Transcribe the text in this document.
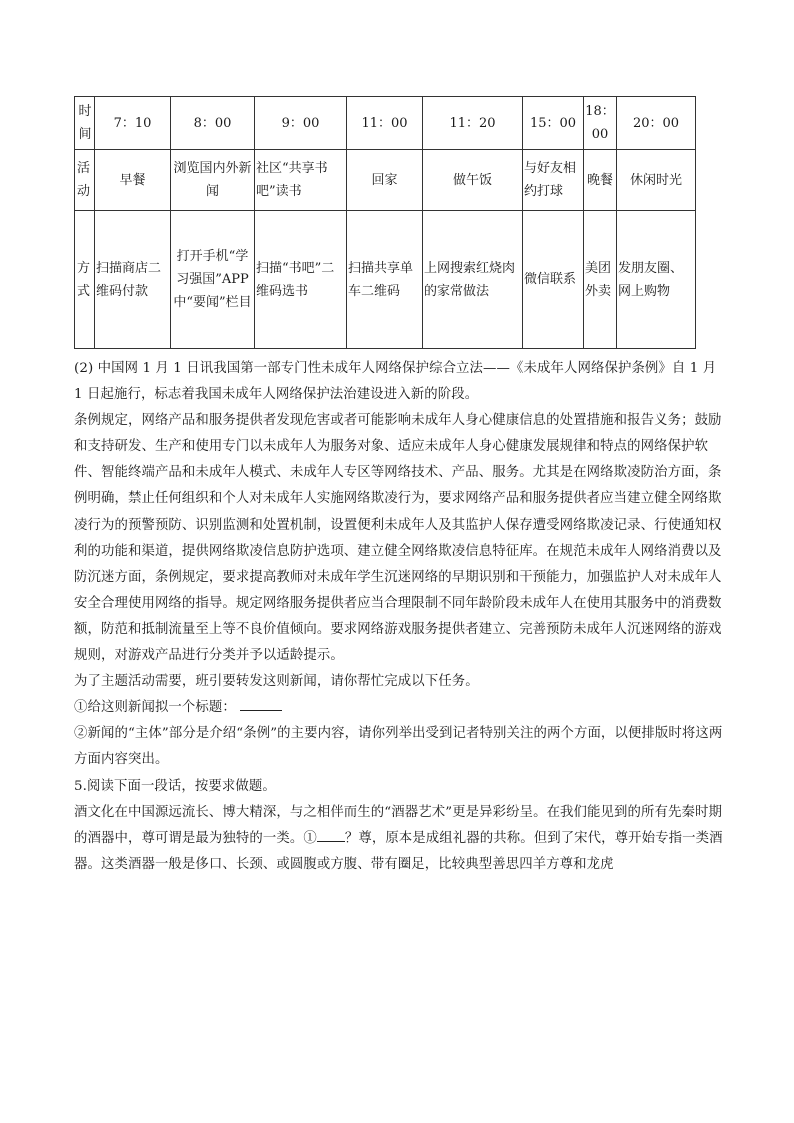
时间	7：10	8：00	9：00	11：00	11：20	15：00	18：00	20：00
活动	早餐	浏览国内外新闻	社区“共享书吧”读书	回家	做午饭	与好友相约打球	晚餐	休闲时光
方式	扫描商店二维码付款	打开手机“学习强国”APP 中“要闻”栏目	扫描“书吧”二维码选书	扫描共享单车二维码	上网搜索红烧肉的家常做法	微信联系	美团外卖	发朋友圈、网上购物

(2) 中国网 1 月 1 日讯我国第一部专门性未成年人网络保护综合立法——《未成年人网络保护条例》自 1 月 1 日起施行，标志着我国未成年人网络保护法治建设进入新的阶段。

条例规定，网络产品和服务提供者发现危害或者可能影响未成年人身心健康信息的处置措施和报告义务；鼓励和支持研发、生产和使用专门以未成年人为服务对象、适应未成年人身心健康发展规律和特点的网络保护软件、智能终端产品和未成年人模式、未成年人专区等网络技术、产品、服务。尤其是在网络欺凌防治方面，条例明确，禁止任何组织和个人对未成年人实施网络欺凌行为，要求网络产品和服务提供者应当建立健全网络欺凌行为的预警预防、识别监测和处置机制，设置便利未成年人及其监护人保存遭受网络欺凌记录、行使通知权利的功能和渠道，提供网络欺凌信息防护选项、建立健全网络欺凌信息特征库。在规范未成年人网络消费以及防沉迷方面，条例规定，要求提高教师对未成年学生沉迷网络的早期识别和干预能力，加强监护人对未成年人安全合理使用网络的指导。规定网络服务提供者应当合理限制不同年龄阶段未成年人在使用其服务中的消费数额，防范和抵制流量至上等不良价值倾向。要求网络游戏服务提供者建立、完善预防未成年人沉迷网络的游戏规则，对游戏产品进行分类并予以适龄提示。

为了主题活动需要，班引要转发这则新闻，请你帮忙完成以下任务。

①给这则新闻拟一个标题：

②新闻的“主体”部分是介绍“条例”的主要内容，请你列举出受到记者特别关注的两个方面，以便排版时将这两方面内容突出。

5.阅读下面一段话，按要求做题。

酒文化在中国源远流长、博大精深，与之相伴而生的“酒器艺术”更是异彩纷呈。在我们能见到的所有先秦时期的酒器中，尊可谓是最为独特的一类。① ？尊，原本是成组礼器的共称。但到了宋代，尊开始专指一类酒器。这类酒器一般是侈口、长颈、或圆腹或方腹、带有圈足，比较典型善思四羊方尊和龙虎
